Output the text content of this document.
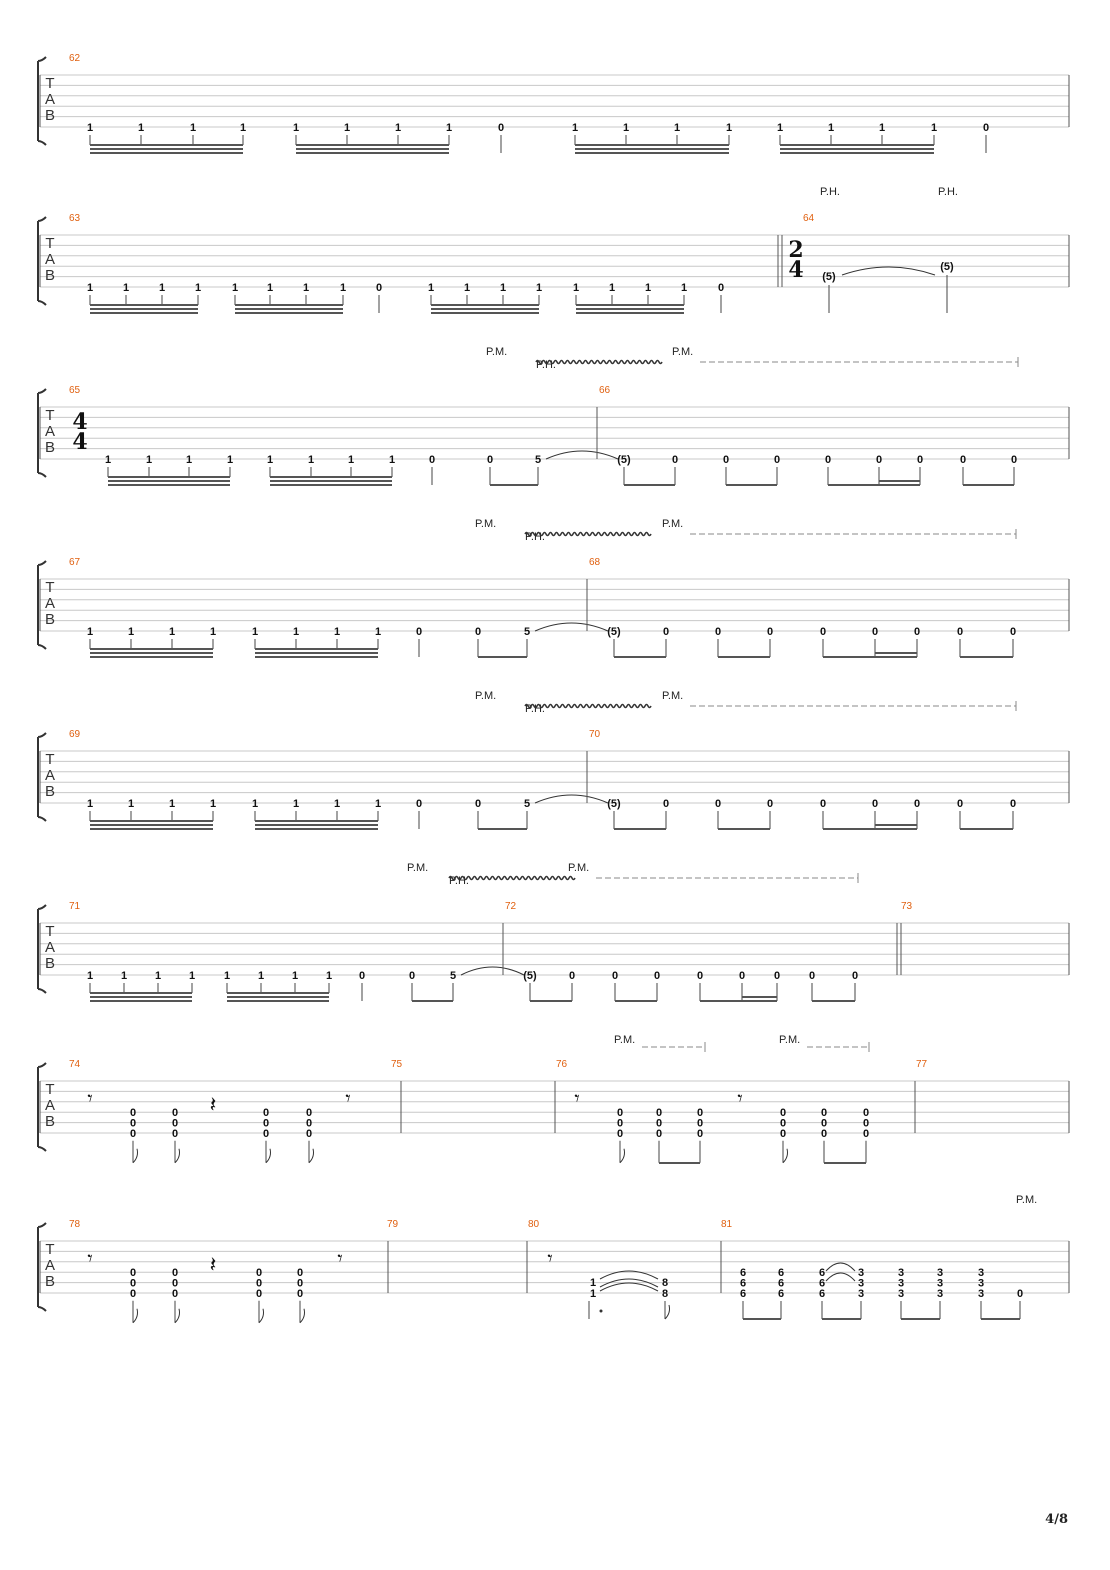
T
A
B
62
1	1	1	1	1	1	1	1	0	1	1	1	1	1	1	1	1	0
T
A
B
63	64
1	1	1	1	1	1	1	1	0	1	1	1	1	1	1	1	1	0
2
4 (5)
(5)
P.H.	P.H.
T
A
B
65	66
1	1	1	1	1	1	1	1	0	0	5	(5)	0	0	0	0	0	0	0	0
P.M.
P.H.
P.M.
4
4
T
A
B
67	68
1	1	1	1	1	1	1	1	0	0	5	(5)	0	0	0	0	0	0	0	0
P.M.
P.H.
P.M.
T
A
B
69	70
1	1	1	1	1	1	1	1	0	0	5	(5)	0	0	0	0	0	0	0	0
P.M.
P.H.
P.M.
T
A
B
71	72
1	1	1	1	1	1	1	1 0	0	5	(5)	0	0	0	0	0	0	0	0
P.M.
P.H.
P.M.
73
T
A
B
74	75	76	77
𝄾
0
0
0
0
0
0
𝄽	0
0
0
0
0
0
𝄾	𝄾
0
0
0
0
0
0
0
0
0
𝄾
0
0
0
0
0
0
0
0
0
P.M.	P.M.
T
A
B
78	79	80	81
𝄾
0
0
0
0
0
0
𝄽	0
0
0
0
0
0
𝄾	𝄾
1
1
8
8
6
6
6
6
6
6
6
6
6
3
3
3
3
3
3
3
3
3
3
3
3	0
P.M.
4/8
